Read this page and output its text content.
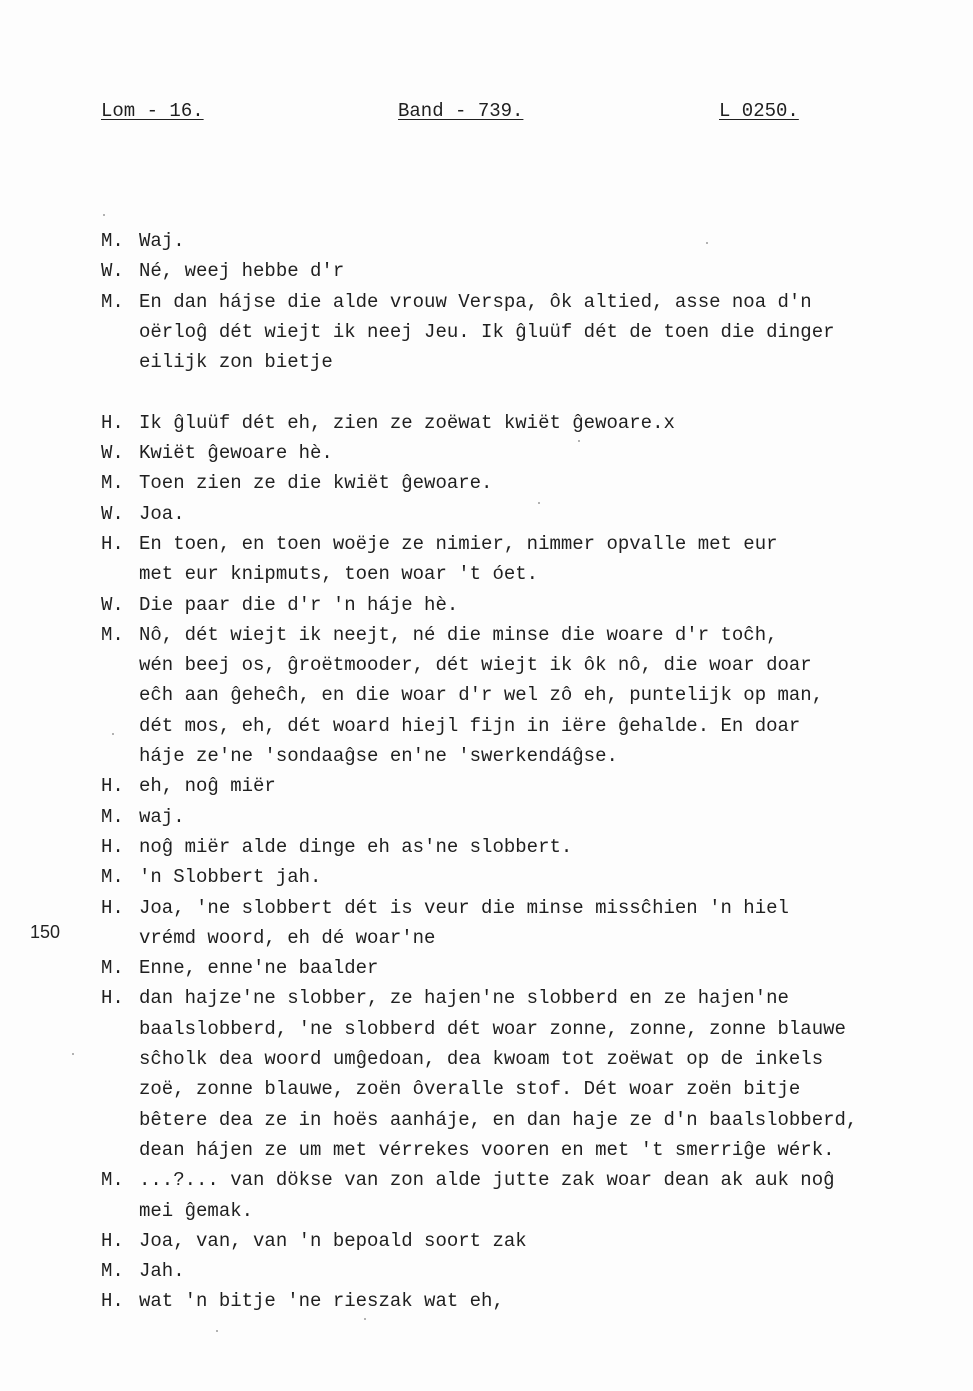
Lom - 16.	Band - 739.	L 0250.
M. Waj.
W. Né, weej hebbe d'r
M. En dan hájse die alde vrouw Verspa, ôk altied, asse noa d'n
oërloĝ dét wiejt ik neej Jeu. Ik ĝluüf dét de toen die dinger
eilijk zon bietje
H. Ik ĝluüf dét eh, zien ze zoëwat kwiët ĝewoare.x
W. Kwiët ĝewoare hè.
M. Toen zien ze die kwiët ĝewoare.
W. Joa.
H. En toen, en toen woëje ze nimier, nimmer opvalle met eur
met eur knipmuts, toen woar 't óet.
W. Die paar die d'r 'n háje hè.
M. Nô, dét wiejt ik neejt, né die minse die woare d'r toĉh,
wén beej os, ĝroëtmooder, dét wiejt ik ôk nô, die woar doar
eĉh aan ĝeheĉh, en die woar d'r wel zô eh, puntelijk op man,
dét mos, eh, dét woard hiejl fijn in iëre ĝehalde. En doar
háje ze'ne 'sondaaĝse en'ne 'swerkendáĝse.
H. eh, noĝ miër
M. waj.
H. noĝ miër alde dinge eh as'ne slobbert.
M. 'n Slobbert jah.
H. Joa, 'ne slobbert dét is veur die minse missĉhien 'n hiel
vrémd woord, eh dé woar'ne
M. Enne, enne'ne baalder
H. dan hajze'ne slobber, ze hajen'ne slobberd en ze hajen'ne
baalslobberd, 'ne slobberd dét woar zonne, zonne, zonne blauwe
sĉholk dea woord umĝedoan, dea kwoam tot zoëwat op de inkels
zoë, zonne blauwe, zoën ôveralle stof. Dét woar zoën bitje
bêtere dea ze in hoës aanháje, en dan haje ze d'n baalslobberd,
dean hájen ze um met vérrekes vooren en met 't smerriĝe wérk.
M. ...?... van dökse van zon alde jutte zak woar dean ak auk noĝ
mei ĝemak.
H. Joa, van, van 'n bepoald soort zak
M. Jah.
H. wat 'n bitje 'ne rieszak wat eh,
150
